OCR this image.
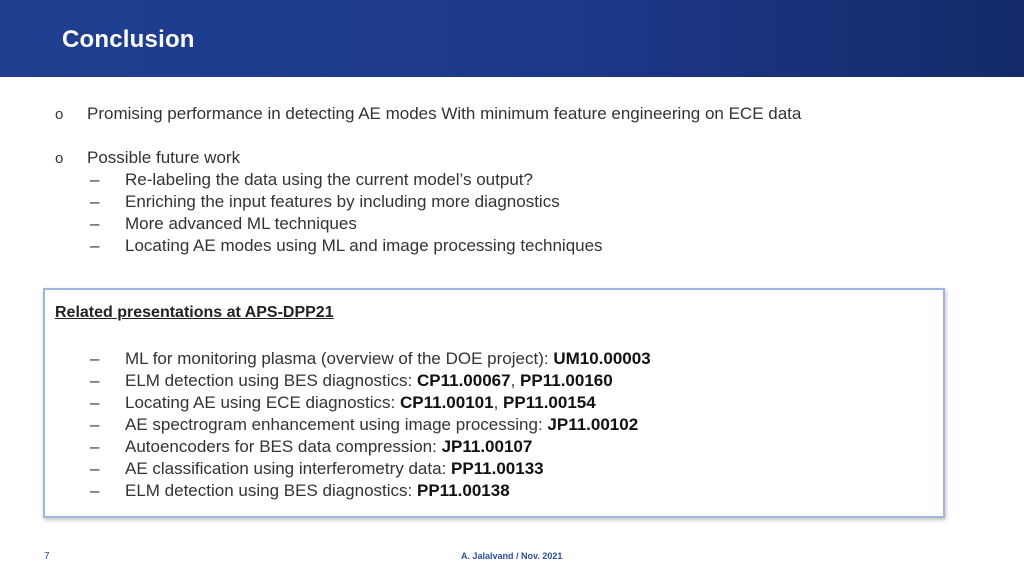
Conclusion
o Promising performance in detecting AE modes With minimum feature engineering on ECE data
o Possible future work
– Re-labeling the data using the current model’s output?
– Enriching the input features by including more diagnostics
– More advanced ML techniques
– Locating AE modes using ML and image processing techniques
Related presentations at APS-DPP21
– ML for monitoring plasma (overview of the DOE project): UM10.00003
– ELM detection using BES diagnostics: CP11.00067, PP11.00160
– Locating AE using ECE diagnostics: CP11.00101, PP11.00154
– AE spectrogram enhancement using image processing: JP11.00102
– Autoencoders for BES data compression: JP11.00107
– AE classification using interferometry data: PP11.00133
– ELM detection using BES diagnostics: PP11.00138
7	A. Jalalvand / Nov. 2021
